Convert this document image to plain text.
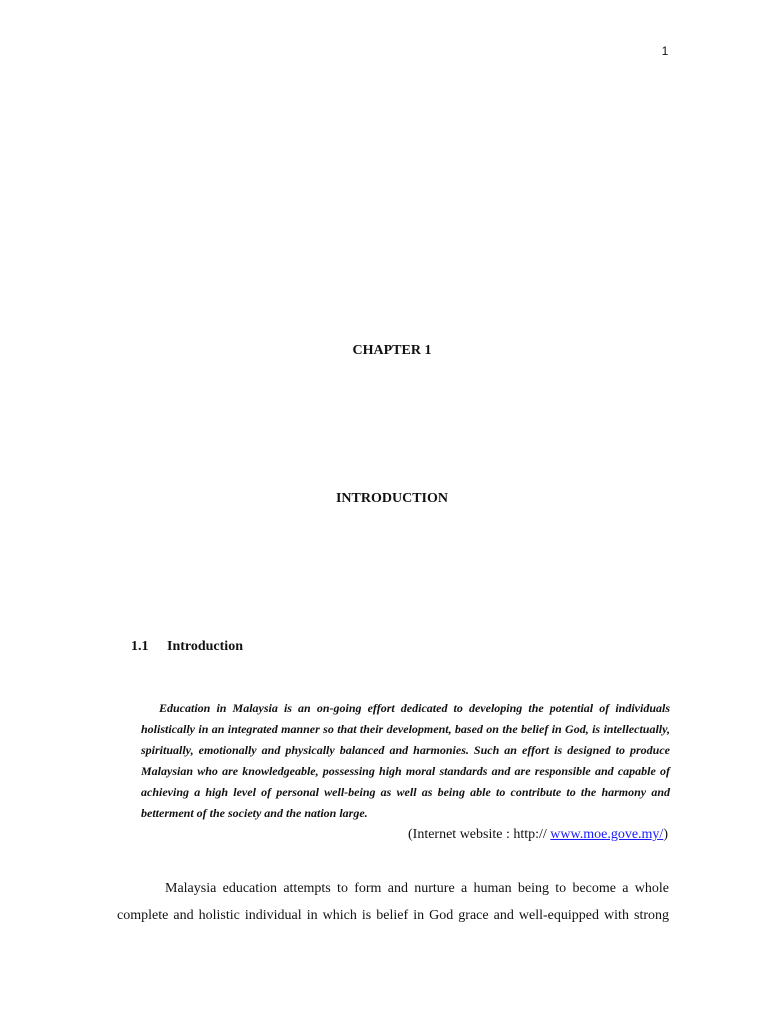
1
CHAPTER 1
INTRODUCTION
1.1 Introduction

Education in Malaysia is an on-going effort dedicated to developing the potential of individuals holistically in an integrated manner so that their development, based on the belief in God, is intellectually, spiritually, emotionally and physically balanced and harmonies. Such an effort is designed to produce Malaysian who are knowledgeable, possessing high moral standards and are responsible and capable of achieving a high level of personal well-being as well as being able to contribute to the harmony and betterment of the society and the nation large.

(Internet website : http:// www.moe.gove.my/)

Malaysia education attempts to form and nurture a human being to become a whole complete and holistic individual in which is belief in God grace and well-equipped with strong
